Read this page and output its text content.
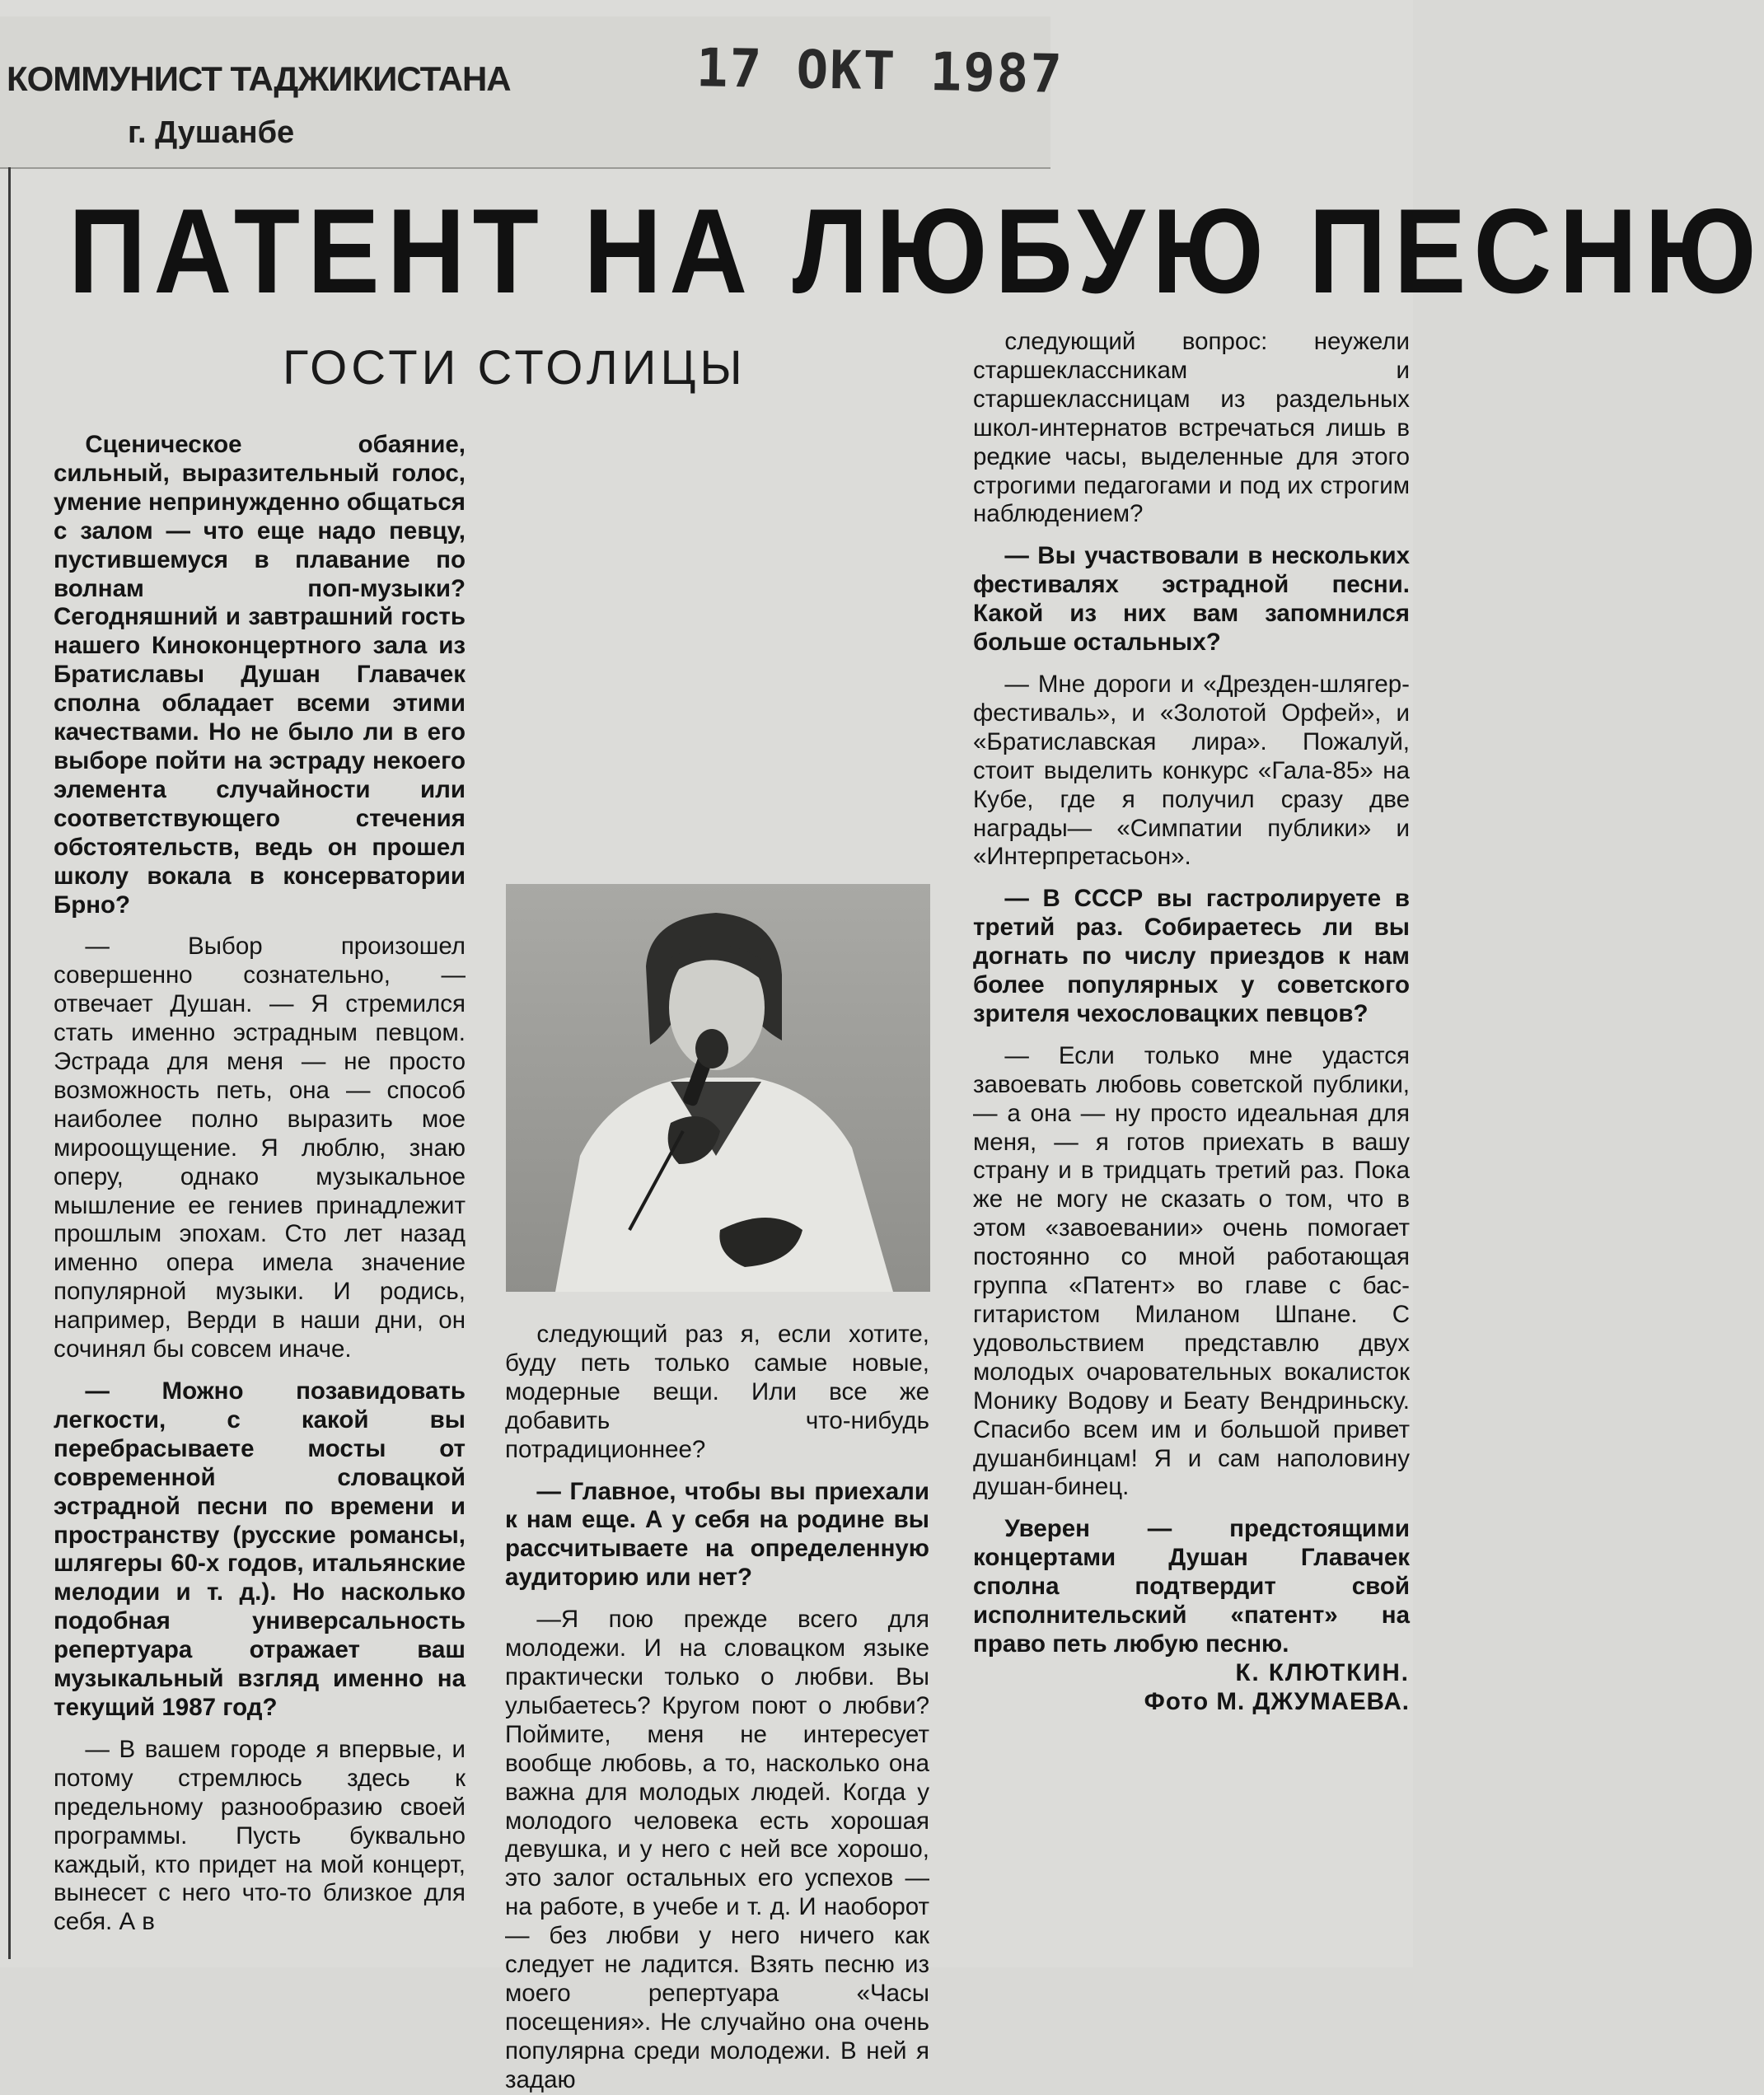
КОММУНИСТ ТАДЖИКИСТАНА
г. Душанбе
17 ОКТ 1987
ПАТЕНТ НА ЛЮБУЮ ПЕСНЮ
ГОСТИ СТОЛИЦЫ

Сценическое обаяние, сильный, выразительный голос, умение непринужденно общаться с залом — что еще надо певцу, пустившемуся в плавание по волнам поп-музыки? Сегодняшний и завтрашний гость нашего Киноконцертного зала из Братиславы Душан Главачек сполна обладает всеми этими качествами. Но не было ли в его выборе пойти на эстраду некоего элемента случайности или соответствующего стечения обстоятельств, ведь он прошел школу вокала в консерватории Брно?

— Выбор произошел совершенно сознательно, — отвечает Душан. — Я стремился стать именно эстрадным певцом. Эстрада для меня — не просто возможность петь, она — способ наиболее полно выразить мое мироощущение. Я люблю, знаю оперу, однако музыкальное мышление ее гениев принадлежит прошлым эпохам. Сто лет назад именно опера имела значение популярной музыки. И родись, например, Верди в наши дни, он сочинял бы совсем иначе.

— Можно позавидовать легкости, с какой вы перебрасываете мосты от современной словацкой эстрадной песни по времени и пространству (русские романсы, шлягеры 60-х годов, итальянские мелодии и т. д.). Но насколько подобная универсальность репертуара отражает ваш музыкальный взгляд именно на текущий 1987 год?

— В вашем городе я впервые, и потому стремлюсь здесь к предельному разнообразию своей программы. Пусть буквально каждый, кто придет на мой концерт, вынесет с него что-то близкое для себя. А в

следующий раз я, если хотите, буду петь только самые новые, модерные вещи. Или все же добавить что-нибудь потрадиционнее?

— Главное, чтобы вы приехали к нам еще. А у себя на родине вы рассчитываете на определенную аудиторию или нет?

—Я пою прежде всего для молодежи. И на словацком языке практически только о любви. Вы улыбаетесь? Кругом поют о любви? Поймите, меня не интересует вообще любовь, а то, насколько она важна для молодых людей. Когда у молодого человека есть хорошая девушка, и у него с ней все хорошо, это залог остальных его успехов — на работе, в учебе и т. д. И наоборот — без любви у него ничего как следует не ладится. Взять песню из моего репертуара «Часы посещения». Не случайно она очень популярна среди молодежи. В ней я задаю

следующий вопрос: неужели старшеклассникам и старшеклассницам из раздельных школ-интернатов встречаться лишь в редкие часы, выделенные для этого строгими педагогами и под их строгим наблюдением?

— Вы участвовали в нескольких фестивалях эстрадной песни. Какой из них вам запомнился больше остальных?

— Мне дороги и «Дрезден-шлягер-фестиваль», и «Золотой Орфей», и «Братиславская лира». Пожалуй, стоит выделить конкурс «Гала-85» на Кубе, где я получил сразу две награды— «Симпатии публики» и «Интерпретасьон».

— В СССР вы гастролируете в третий раз. Собираетесь ли вы догнать по числу приездов к нам более популярных у советского зрителя чехословацких певцов?

— Если только мне удастся завоевать любовь советской публики, — а она — ну просто идеальная для меня, — я готов приехать в вашу страну и в тридцать третий раз. Пока же не могу не сказать о том, что в этом «завоевании» очень помогает постоянно со мной работающая группа «Патент» во главе с бас-гитаристом Миланом Шпане. С удовольствием представлю двух молодых очаровательных вокалисток Монику Водову и Беату Вендриньску. Спасибо всем им и большой привет душанбинцам! Я и сам наполовину душан-бинец.

Уверен — предстоящими концертами Душан Главачек сполна подтвердит свой исполнительский «патент» на право петь любую песню.

К. КЛЮТКИН.

Фото М. ДЖУМАЕВА.
